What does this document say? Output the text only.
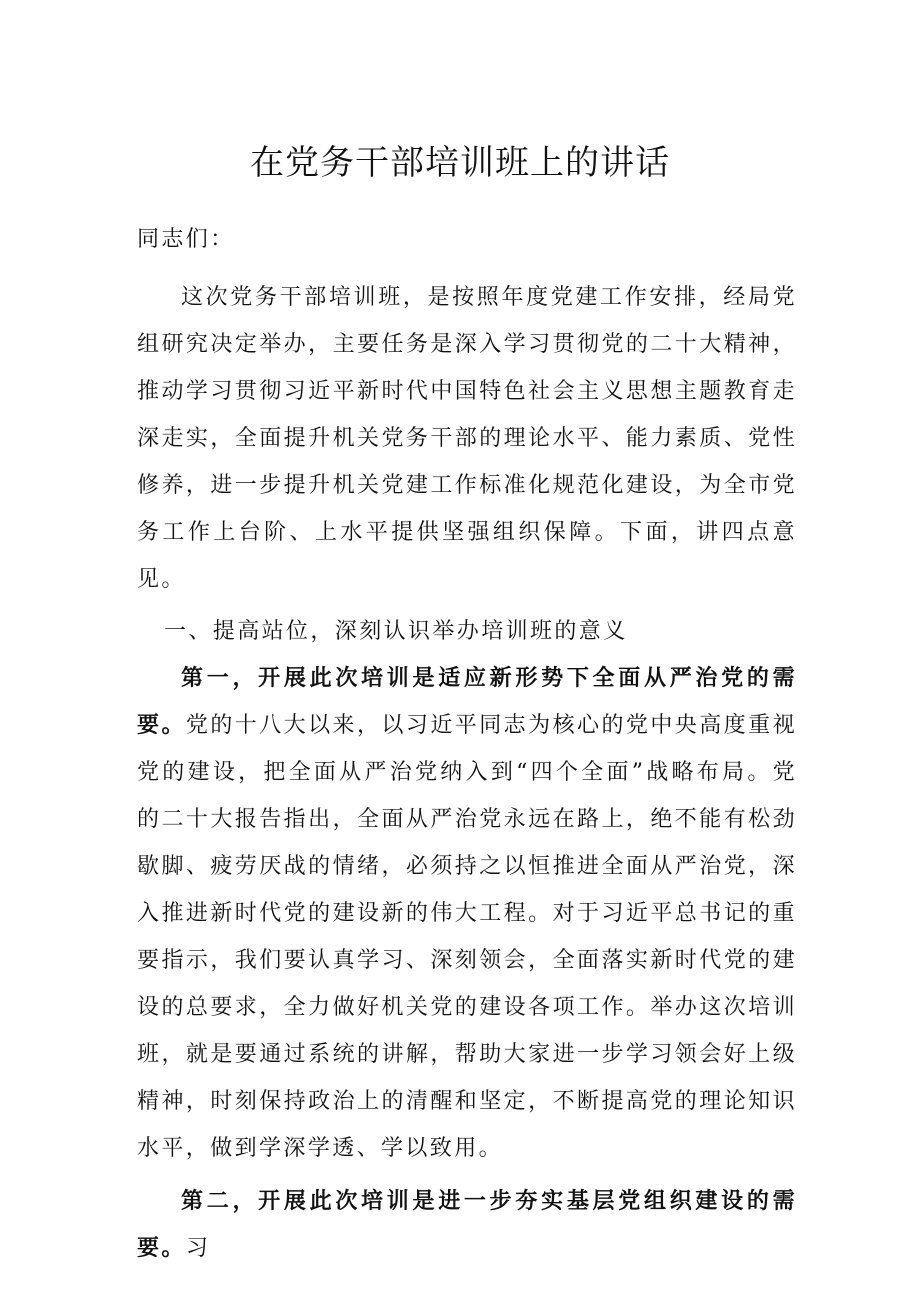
在党务干部培训班上的讲话

同志们：

这次党务干部培训班，是按照年度党建工作安排，经局党组研究决定举办，主要任务是深入学习贯彻党的二十大精神，推动学习贯彻习近平新时代中国特色社会主义思想主题教育走深走实，全面提升机关党务干部的理论水平、能力素质、党性修养，进一步提升机关党建工作标准化规范化建设，为全市党务工作上台阶、上水平提供坚强组织保障。下面，讲四点意见。

一、提高站位，深刻认识举办培训班的意义

第一，开展此次培训是适应新形势下全面从严治党的需要。党的十八大以来，以习近平同志为核心的党中央高度重视党的建设，把全面从严治党纳入到“四个全面”战略布局。党的二十大报告指出，全面从严治党永远在路上，绝不能有松劲歇脚、疲劳厌战的情绪，必须持之以恒推进全面从严治党，深入推进新时代党的建设新的伟大工程。对于习近平总书记的重要指示，我们要认真学习、深刻领会，全面落实新时代党的建设的总要求，全力做好机关党的建设各项工作。举办这次培训班，就是要通过系统的讲解，帮助大家进一步学习领会好上级精神，时刻保持政治上的清醒和坚定，不断提高党的理论知识水平，做到学深学透、学以致用。

第二，开展此次培训是进一步夯实基层党组织建设的需要。习
